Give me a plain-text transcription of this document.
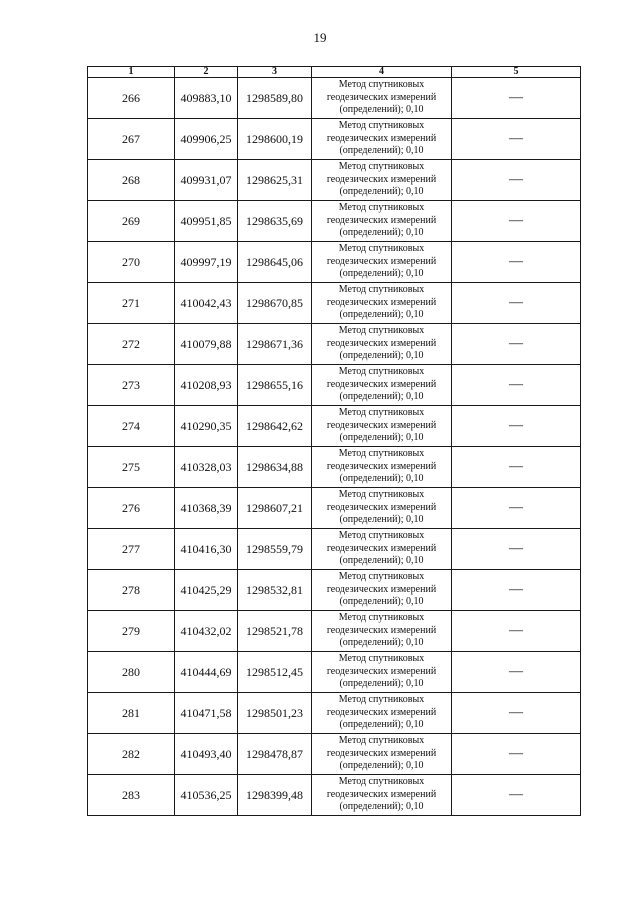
19
1	2	3	4	5
266	409883,10	1298589,80	Метод спутниковых
геодезических измерений
(определений); 0,10	—
267	409906,25	1298600,19	Метод спутниковых
геодезических измерений
(определений); 0,10	—
268	409931,07	1298625,31	Метод спутниковых
геодезических измерений
(определений); 0,10	—
269	409951,85	1298635,69	Метод спутниковых
геодезических измерений
(определений); 0,10	—
270	409997,19	1298645,06	Метод спутниковых
геодезических измерений
(определений); 0,10	—
271	410042,43	1298670,85	Метод спутниковых
геодезических измерений
(определений); 0,10	—
272	410079,88	1298671,36	Метод спутниковых
геодезических измерений
(определений); 0,10	—
273	410208,93	1298655,16	Метод спутниковых
геодезических измерений
(определений); 0,10	—
274	410290,35	1298642,62	Метод спутниковых
геодезических измерений
(определений); 0,10	—
275	410328,03	1298634,88	Метод спутниковых
геодезических измерений
(определений); 0,10	—
276	410368,39	1298607,21	Метод спутниковых
геодезических измерений
(определений); 0,10	—
277	410416,30	1298559,79	Метод спутниковых
геодезических измерений
(определений); 0,10	—
278	410425,29	1298532,81	Метод спутниковых
геодезических измерений
(определений); 0,10	—
279	410432,02	1298521,78	Метод спутниковых
геодезических измерений
(определений); 0,10	—
280	410444,69	1298512,45	Метод спутниковых
геодезических измерений
(определений); 0,10	—
281	410471,58	1298501,23	Метод спутниковых
геодезических измерений
(определений); 0,10	—
282	410493,40	1298478,87	Метод спутниковых
геодезических измерений
(определений); 0,10	—
283	410536,25	1298399,48	Метод спутниковых
геодезических измерений
(определений); 0,10	—
